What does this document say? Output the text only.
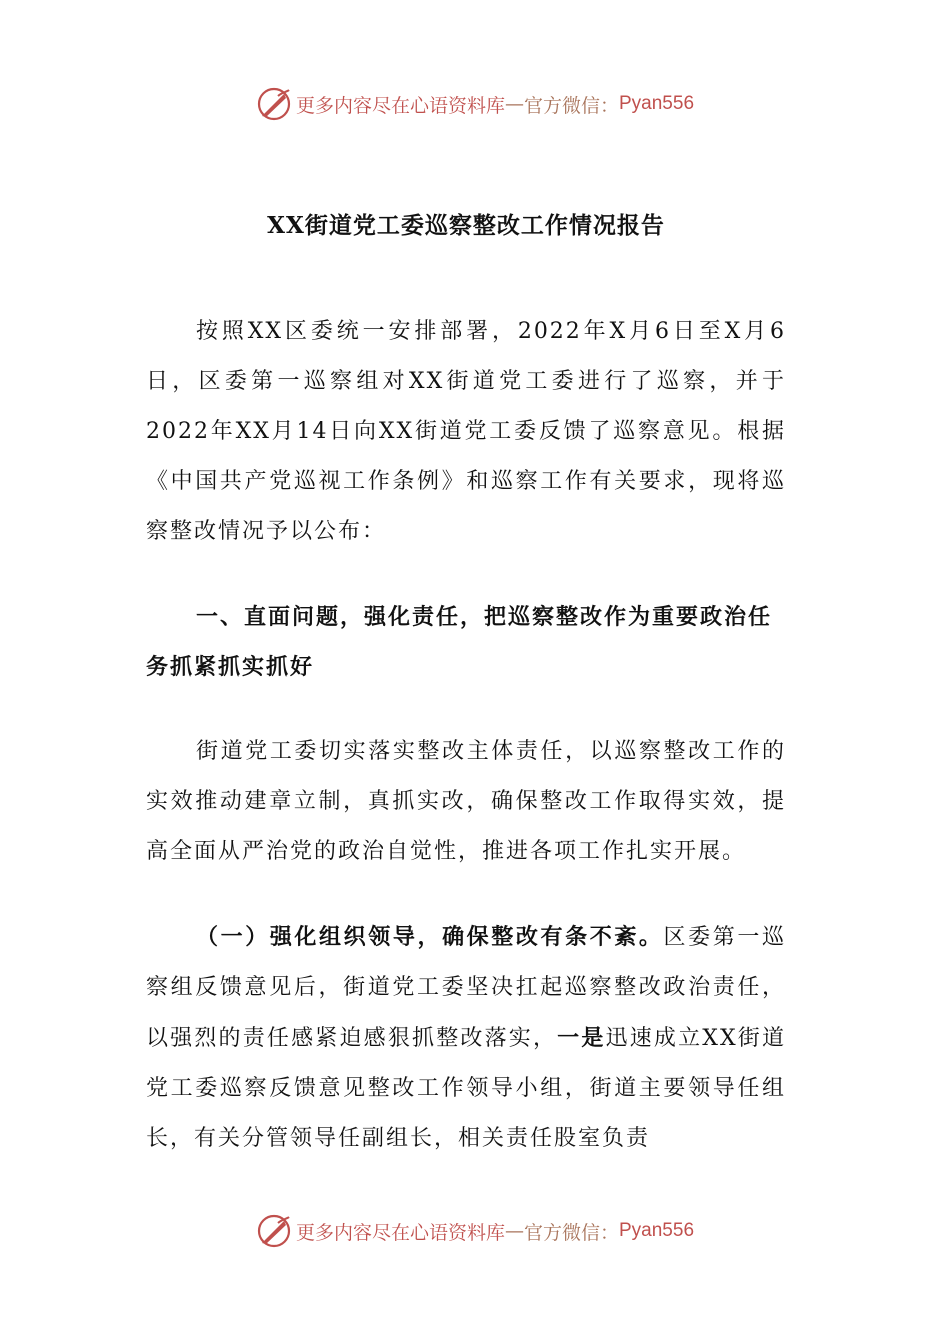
更多内容尽在心语资料库 — 官方微信： Pyan556
XX街道党工委巡察整改工作情况报告

按照XX区委统一安排部署，2022年X月6日至X月6日，区委第一巡察组对XX街道党工委进行了巡察，并于2022年XX月14日向XX街道党工委反馈了巡察意见。根据《中国共产党巡视工作条例》和巡察工作有关要求，现将巡察整改情况予以公布：

一、直面问题，强化责任，把巡察整改作为重要政治任务抓紧抓实抓好

街道党工委切实落实整改主体责任，以巡察整改工作的实效推动建章立制，真抓实改，确保整改工作取得实效，提高全面从严治党的政治自觉性，推进各项工作扎实开展。

（一）强化组织领导，确保整改有条不紊。区委第一巡察组反馈意见后，街道党工委坚决扛起巡察整改政治责任，以强烈的责任感紧迫感狠抓整改落实，一是迅速成立XX街道党工委巡察反馈意见整改工作领导小组，街道主要领导任组长，有关分管领导任副组长，相关责任股室负责

更多内容尽在心语资料库 — 官方微信： Pyan556
